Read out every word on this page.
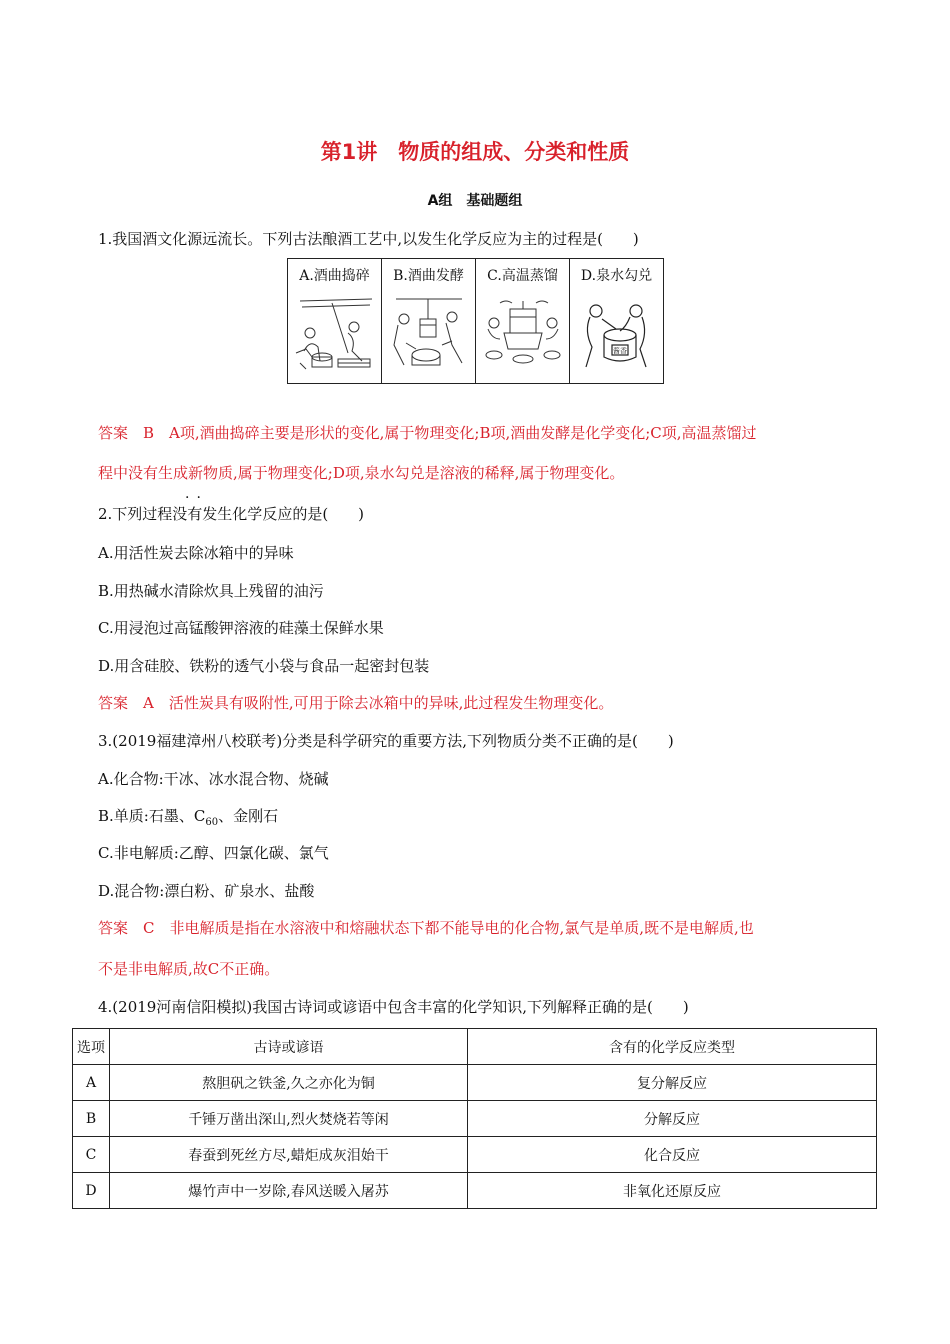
第1讲　物质的组成、分类和性质
A组　基础题组
1.我国酒文化源远流长。下列古法酿酒工艺中,以发生化学反应为主的过程是(　　)
A.酒曲捣碎	B.酒曲发酵	C.高温蒸馏	D.泉水勾兑
酱香
答案　B　A项,酒曲捣碎主要是形状的变化,属于物理变化;B项,酒曲发酵是化学变化;C项,高温蒸馏过
程中没有生成新物质,属于物理变化;D项,泉水勾兑是溶液的稀释,属于物理变化。
··
2.下列过程没有发生化学反应的是(　　)
A.用活性炭去除冰箱中的异味
B.用热碱水清除炊具上残留的油污
C.用浸泡过高锰酸钾溶液的硅藻土保鲜水果
D.用含硅胶、铁粉的透气小袋与食品一起密封包装
答案　A　活性炭具有吸附性,可用于除去冰箱中的异味,此过程发生物理变化。
3.(2019福建漳州八校联考)分类是科学研究的重要方法,下列物质分类不正确的是(　　)
A.化合物:干冰、冰水混合物、烧碱
B.单质:石墨、$C_{60}$、金刚石
C.非电解质:乙醇、四氯化碳、氯气
D.混合物:漂白粉、矿泉水、盐酸
答案　C　非电解质是指在水溶液中和熔融状态下都不能导电的化合物,氯气是单质,既不是电解质,也
不是非电解质,故C不正确。
4.(2019河南信阳模拟)我国古诗词或谚语中包含丰富的化学知识,下列解释正确的是(　　)
选项	古诗或谚语	含有的化学反应类型
A	熬胆矾之铁釜,久之亦化为铜	复分解反应
B	千锤万凿出深山,烈火焚烧若等闲	分解反应
C	春蚕到死丝方尽,蜡炬成灰泪始干	化合反应
D	爆竹声中一岁除,春风送暖入屠苏	非氧化还原反应
